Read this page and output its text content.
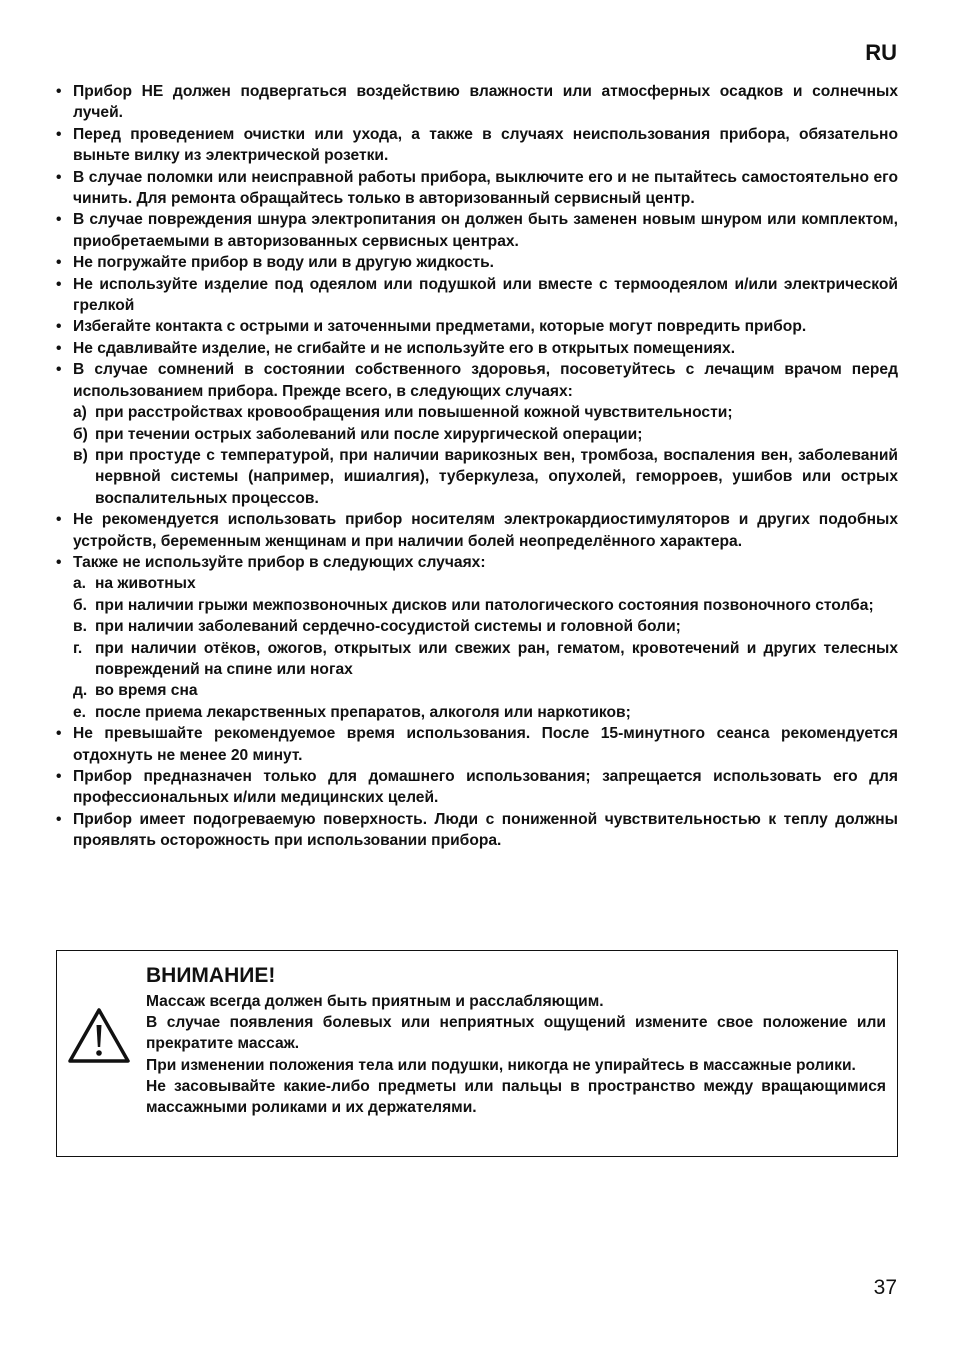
RU
• Прибор НЕ должен подвергаться воздействию влажности или атмосферных осадков и солнечных лучей.
• Перед проведением очистки или ухода, а также в случаях неиспользования прибора, обязательно выньте вилку из электрической розетки.
• В случае поломки или неисправной работы прибора, выключите его и не пытайтесь самостоятельно его чинить. Для ремонта обращайтесь только в авторизованный сервисный центр.
• В случае повреждения шнура электропитания он должен быть заменен новым шнуром или комплектом, приобретаемыми в авторизованных сервисных центрах.
• Не погружайте прибор в воду или в другую жидкость.
• Не используйте изделие под одеялом или подушкой или вместе с термоодеялом и/или электрической грелкой
• Избегайте контакта с острыми и заточенными предметами, которые могут повредить прибор.
• Не сдавливайте изделие, не сгибайте и не используйте его в открытых помещениях.
• В случае сомнений в состоянии собственного здоровья, посоветуйтесь с лечащим врачом перед использованием прибора. Прежде всего, в следующих случаях:
а) при расстройствах кровообращения или повышенной кожной чувствительности;
б) при течении острых заболеваний или после хирургической операции;
в) при простуде с температурой, при наличии варикозных вен, тромбоза, воспаления вен, заболеваний нервной системы (например, ишиалгия), туберкулеза, опухолей, геморроев, ушибов или острых воспалительных процессов.
• Не рекомендуется использовать прибор носителям электрокардиостимуляторов и других подобных устройств, беременным женщинам и при наличии болей неопределённого характера.
• Также не используйте прибор в следующих случаях:
a. на животных
б. при наличии грыжи межпозвоночных дисков или патологического состояния позвоночного столба;
в. при наличии заболеваний сердечно-сосудистой системы и головной боли;
г. при наличии отёков, ожогов, открытых или свежих ран, гематом, кровотечений и других телесных повреждений на спине или ногах
д. во время сна
е. после приема лекарственных препаратов, алкоголя или наркотиков;
• Не превышайте рекомендуемое время использования. После 15-минутного сеанса рекомендуется отдохнуть не менее 20 минут.
• Прибор предназначен только для домашнего использования; запрещается использовать его для профессиональных и/или медицинских целей.
• Прибор имеет подогреваемую поверхность. Люди с пониженной чувствительностью к теплу должны проявлять осторожность при использовании прибора.
ВНИМАНИЕ!

Массаж всегда должен быть приятным и расслабляющим.

В случае появления болевых или неприятных ощущений измените свое положение или прекратите массаж.

При изменении положения тела или подушки, никогда не упирайтесь в массажные ролики.

Не засовывайте какие-либо предметы или пальцы в пространство между вращающимися массажными роликами и их держателями.

37
